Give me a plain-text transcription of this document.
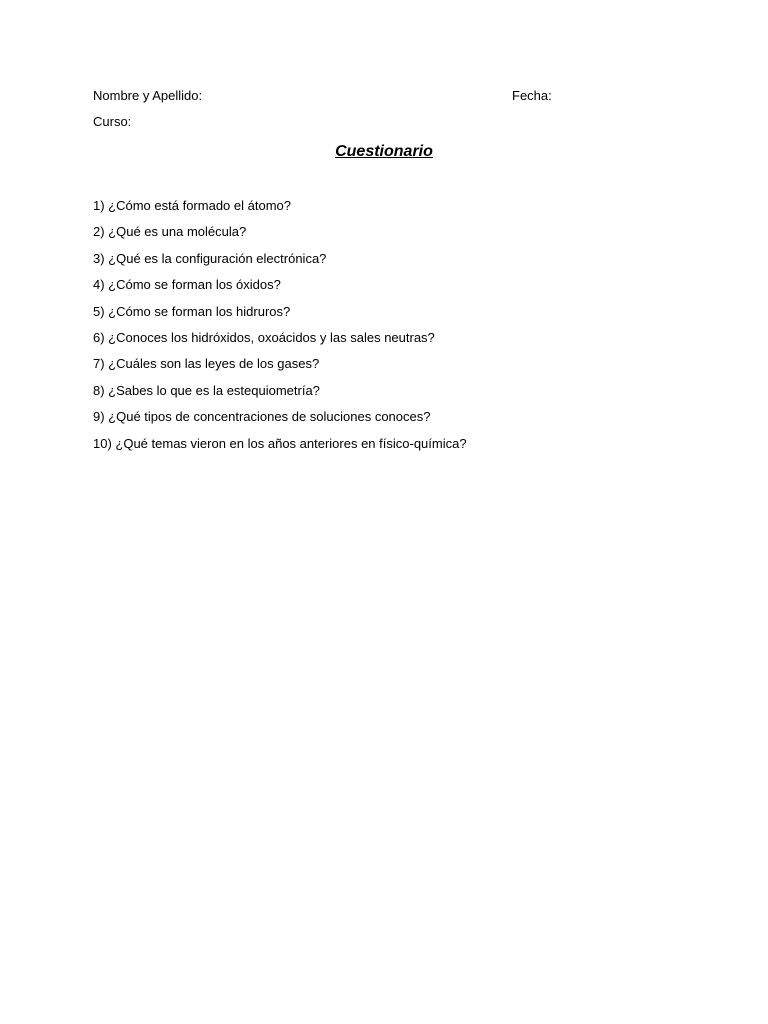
Nombre y Apellido:	Fecha:
Curso:
Cuestionario
1) ¿Cómo está formado el átomo?
2) ¿Qué es una molécula?
3) ¿Qué es la configuración electrónica?
4) ¿Cómo se forman los óxidos?
5) ¿Cómo se forman los hidruros?
6) ¿Conoces los hidróxidos, oxoácidos y las sales neutras?
7) ¿Cuáles son las leyes de los gases?
8) ¿Sabes lo que es la estequiometría?
9) ¿Qué tipos de concentraciones de soluciones conoces?
10) ¿Qué temas vieron en los años anteriores en físico-química?
